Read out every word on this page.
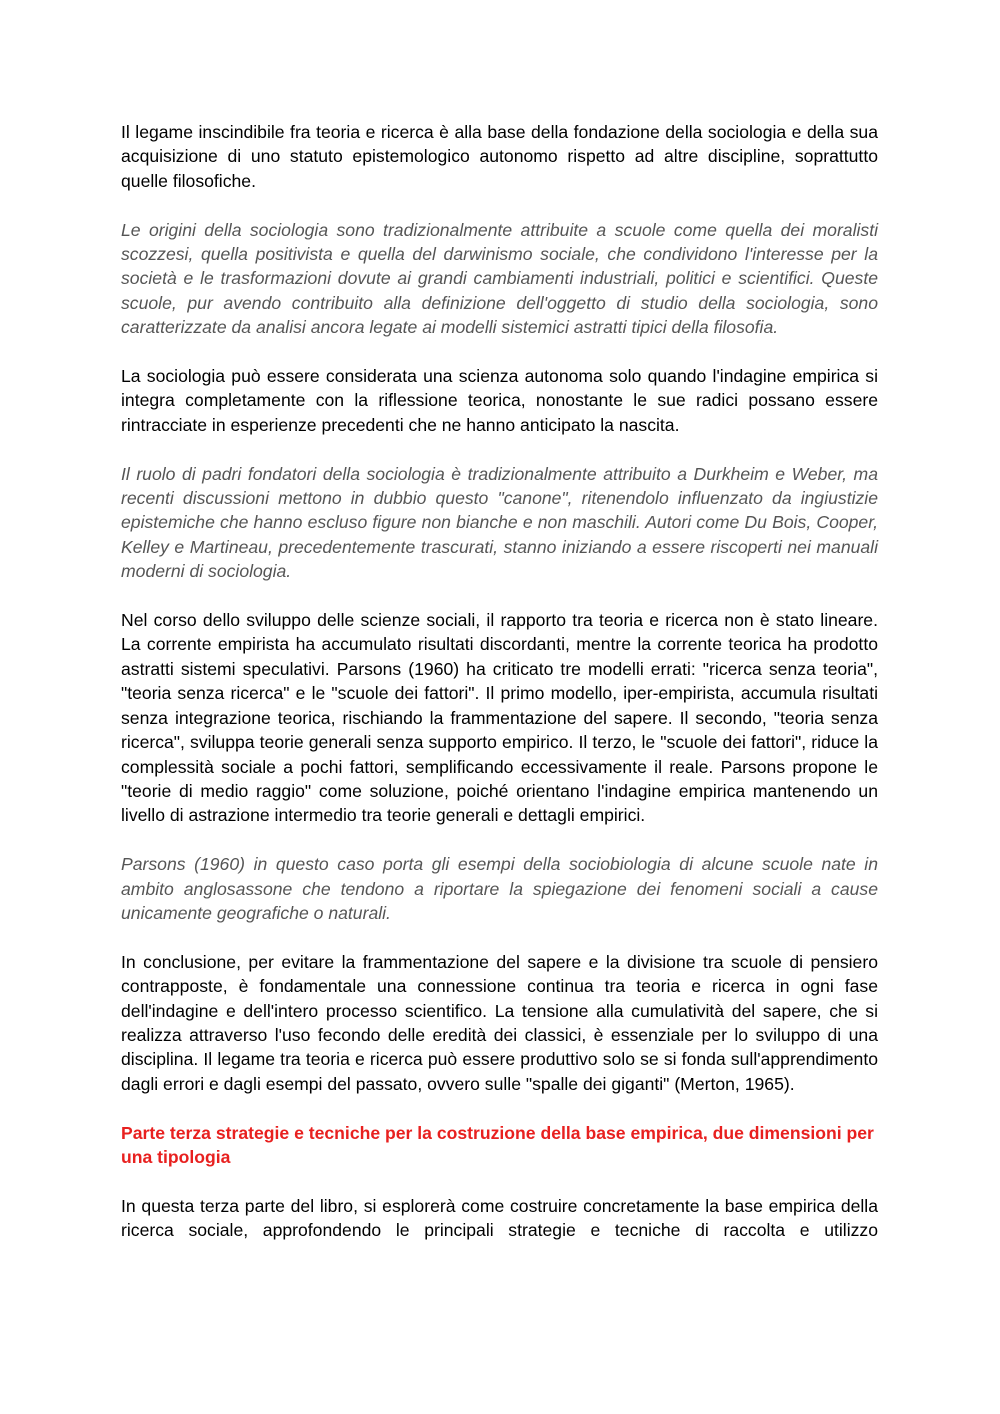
Il legame inscindibile fra teoria e ricerca è alla base della fondazione della sociologia e della sua acquisizione di uno statuto epistemologico autonomo rispetto ad altre discipline, soprattutto quelle filosofiche.

Le origini della sociologia sono tradizionalmente attribuite a scuole come quella dei moralisti scozzesi, quella positivista e quella del darwinismo sociale, che condividono l'interesse per la società e le trasformazioni dovute ai grandi cambiamenti industriali, politici e scientifici. Queste scuole, pur avendo contribuito alla definizione dell'oggetto di studio della sociologia, sono caratterizzate da analisi ancora legate ai modelli sistemici astratti tipici della filosofia.

La sociologia può essere considerata una scienza autonoma solo quando l'indagine empirica si integra completamente con la riflessione teorica, nonostante le sue radici possano essere rintracciate in esperienze precedenti che ne hanno anticipato la nascita.

Il ruolo di padri fondatori della sociologia è tradizionalmente attribuito a Durkheim e Weber, ma recenti discussioni mettono in dubbio questo "canone", ritenendolo influenzato da ingiustizie epistemiche che hanno escluso figure non bianche e non maschili. Autori come Du Bois, Cooper, Kelley e Martineau, precedentemente trascurati, stanno iniziando a essere riscoperti nei manuali moderni di sociologia.

Nel corso dello sviluppo delle scienze sociali, il rapporto tra teoria e ricerca non è stato lineare. La corrente empirista ha accumulato risultati discordanti, mentre la corrente teorica ha prodotto astratti sistemi speculativi. Parsons (1960) ha criticato tre modelli errati: "ricerca senza teoria", "teoria senza ricerca" e le "scuole dei fattori". Il primo modello, iper-empirista, accumula risultati senza integrazione teorica, rischiando la frammentazione del sapere. Il secondo, "teoria senza ricerca", sviluppa teorie generali senza supporto empirico. Il terzo, le "scuole dei fattori", riduce la complessità sociale a pochi fattori, semplificando eccessivamente il reale. Parsons propone le "teorie di medio raggio" come soluzione, poiché orientano l'indagine empirica mantenendo un livello di astrazione intermedio tra teorie generali e dettagli empirici.

Parsons (1960) in questo caso porta gli esempi della sociobiologia di alcune scuole nate in ambito anglosassone che tendono a riportare la spiegazione dei fenomeni sociali a cause unicamente geografiche o naturali.

In conclusione, per evitare la frammentazione del sapere e la divisione tra scuole di pensiero contrapposte, è fondamentale una connessione continua tra teoria e ricerca in ogni fase dell'indagine e dell'intero processo scientifico. La tensione alla cumulatività del sapere, che si realizza attraverso l'uso fecondo delle eredità dei classici, è essenziale per lo sviluppo di una disciplina. Il legame tra teoria e ricerca può essere produttivo solo se si fonda sull'apprendimento dagli errori e dagli esempi del passato, ovvero sulle "spalle dei giganti" (Merton, 1965).

Parte terza strategie e tecniche per la costruzione della base empirica, due dimensioni per una tipologia

In questa terza parte del libro, si esplorerà come costruire concretamente la base empirica della ricerca sociale, approfondendo le principali strategie e tecniche di raccolta e utilizzo
